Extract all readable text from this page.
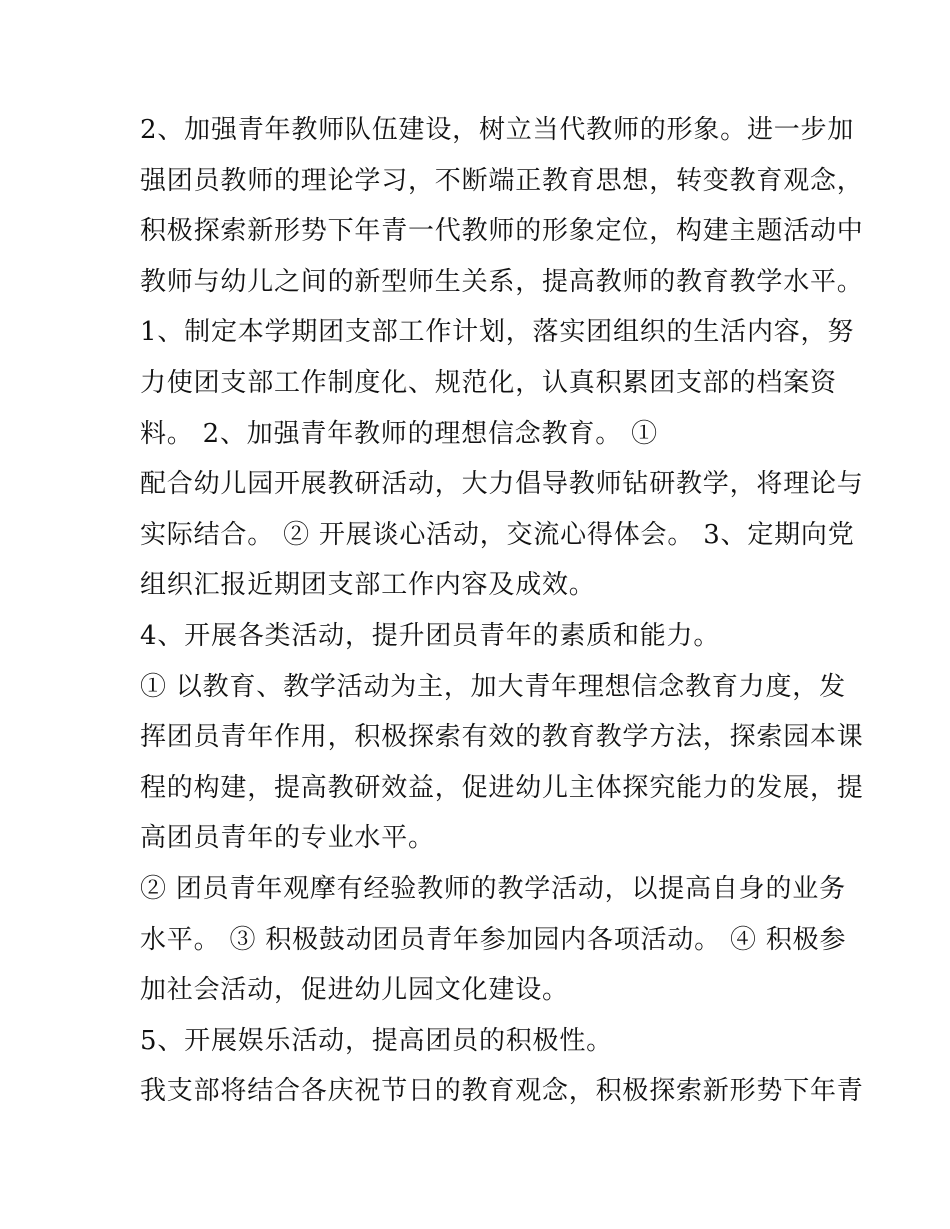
2、加强青年教师队伍建设，树立当代教师的形象。进一步加
强团员教师的理论学习，不断端正教育思想，转变教育观念，
积极探索新形势下年青一代教师的形象定位，构建主题活动中
教师与幼儿之间的新型师生关系，提高教师的教育教学水平。
1、制定本学期团支部工作计划，落实团组织的生活内容，努
力使团支部工作制度化、规范化，认真积累团支部的档案资
料。 2、加强青年教师的理想信念教育。 ①
配合幼儿园开展教研活动，大力倡导教师钻研教学，将理论与
实际结合。 ② 开展谈心活动，交流心得体会。 3、定期向党
组织汇报近期团支部工作内容及成效。
4、开展各类活动，提升团员青年的素质和能力。
① 以教育、教学活动为主，加大青年理想信念教育力度，发
挥团员青年作用，积极探索有效的教育教学方法，探索园本课
程的构建，提高教研效益，促进幼儿主体探究能力的发展，提
高团员青年的专业水平。
② 团员青年观摩有经验教师的教学活动，以提高自身的业务
水平。 ③ 积极鼓动团员青年参加园内各项活动。 ④ 积极参
加社会活动，促进幼儿园文化建设。
5、开展娱乐活动，提高团员的积极性。
我支部将结合各庆祝节日的教育观念，积极探索新形势下年青
